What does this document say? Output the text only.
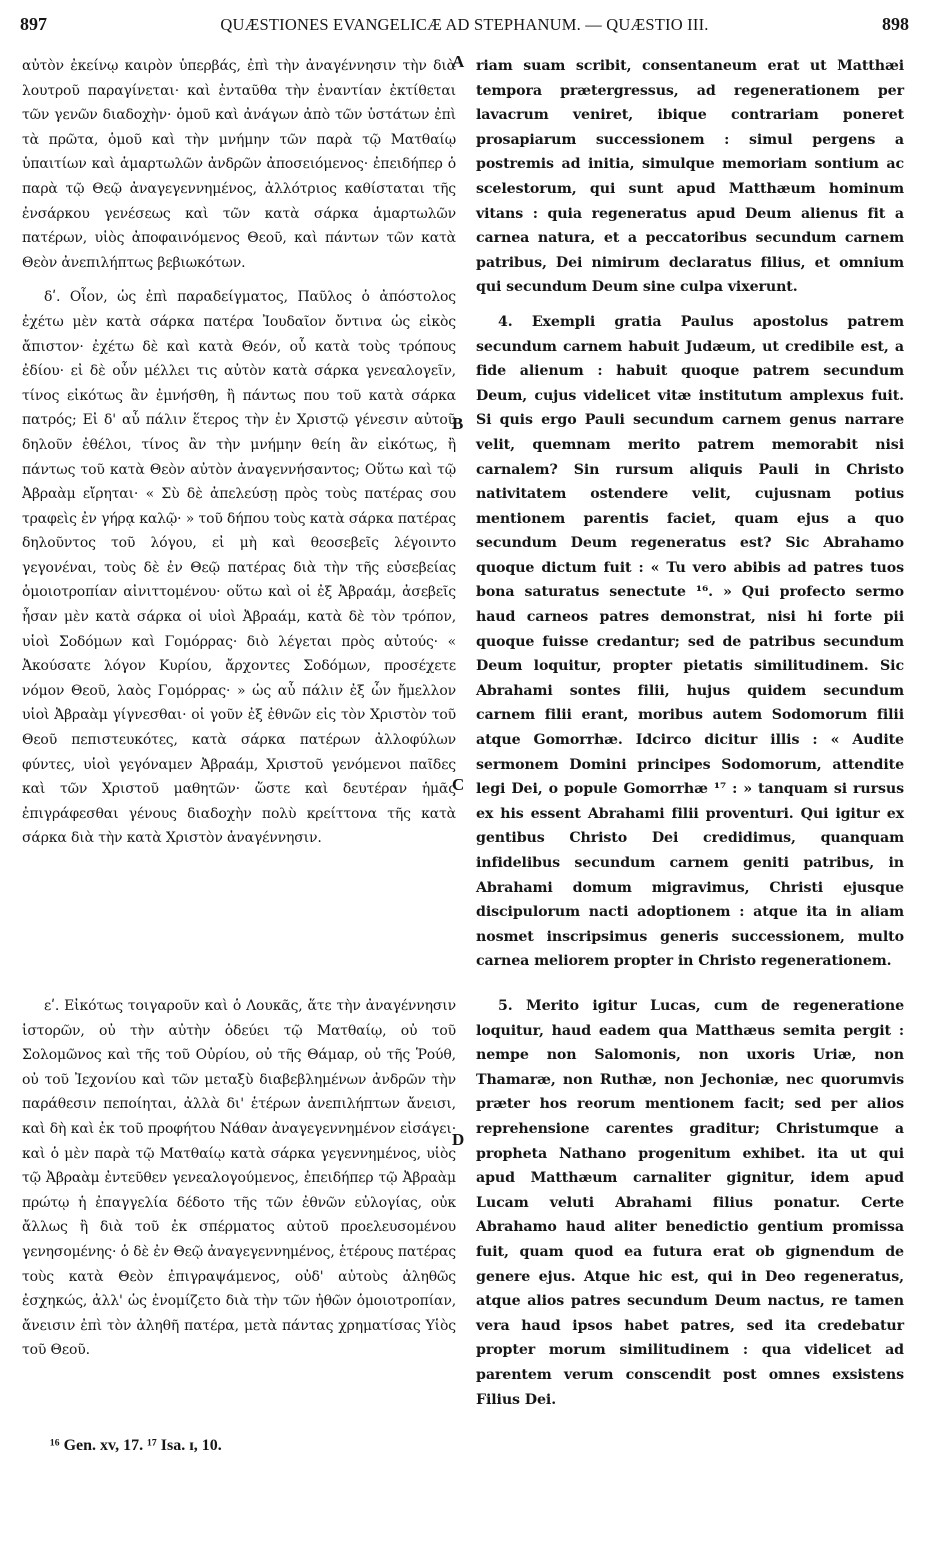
897	QUÆSTIONES EVANGELICÆ AD STEPHANUM. — QUÆSTIO III.	898

αὐτὸν ἐκείνῳ καιρὸν ὑπερβάς, ἐπὶ τὴν ἀναγέννησιν τὴν διὰ λουτροῦ παραγίνεται· καὶ ἐνταῦθα τὴν ἐναντίαν ἐκτίθεται τῶν γενῶν διαδοχὴν· ὁμοῦ καὶ ἀνάγων ἀπὸ τῶν ὑστάτων ἐπὶ τὰ πρῶτα, ὁμοῦ καὶ τὴν μνήμην τῶν παρὰ τῷ Ματθαίῳ ὑπαιτίων καὶ ἁμαρτωλῶν ἀνδρῶν ἀποσειόμενος· ἐπειδήπερ ὁ παρὰ τῷ Θεῷ ἀναγεγεννημένος, ἀλλότριος καθίσταται τῆς ἐνσάρκου γενέσεως καὶ τῶν κατὰ σάρκα ἁμαρτωλῶν πατέρων, υἱὸς ἀποφαινόμενος Θεοῦ, καὶ πάντων τῶν κατὰ Θεὸν ἀνεπιλήπτως βεβιωκότων.

δʹ. Οἷον, ὡς ἐπὶ παραδείγματος, Παῦλος ὁ ἀπόστολος ἐχέτω μὲν κατὰ σάρκα πατέρα Ἰουδαῖον ὄντινα ὡς εἰκὸς ἄπιστον· ἐχέτω δὲ καὶ κατὰ Θεόν, οὗ κατὰ τοὺς τρόπους ἐδίου· εἰ δὲ οὖν μέλλει τις αὐτὸν κατὰ σάρκα γενεαλογεῖν, τίνος εἰκότως ἂν ἐμνήσθη, ἢ πάντως που τοῦ κατὰ σάρκα πατρός; Εἰ δ' αὖ πάλιν ἕτερος τὴν ἐν Χριστῷ γένεσιν αὐτοῦ δηλοῦν ἐθέλοι, τίνος ἂν τὴν μνήμην θείη ἂν εἰκότως, ἢ πάντως τοῦ κατὰ Θεὸν αὐτὸν ἀναγεννήσαντος; Οὕτω καὶ τῷ Ἀβραὰμ εἴρηται· « Σὺ δὲ ἀπελεύσῃ πρὸς τοὺς πατέρας σου τραφεὶς ἐν γήρᾳ καλῷ· » τοῦ δήπου τοὺς κατὰ σάρκα πατέρας δηλοῦντος τοῦ λόγου, εἰ μὴ καὶ θεοσεβεῖς λέγοιντο γεγονέναι, τοὺς δὲ ἐν Θεῷ πατέρας διὰ τὴν τῆς εὐσεβείας ὁμοιοτροπίαν αἰνιττομένου· οὕτω καὶ οἱ ἐξ Ἀβραάμ, ἀσεβεῖς ἦσαν μὲν κατὰ σάρκα οἱ υἱοὶ Ἀβραάμ, κατὰ δὲ τὸν τρόπον, υἱοὶ Σοδόμων καὶ Γομόρρας· διὸ λέγεται πρὸς αὐτούς· « Ἀκούσατε λόγον Κυρίου, ἄρχοντες Σοδόμων, προσέχετε νόμον Θεοῦ, λαὸς Γομόρρας· » ὡς αὖ πάλιν ἐξ ὧν ἤμελλον υἱοὶ Ἀβραὰμ γίγνεσθαι· οἱ γοῦν ἐξ ἐθνῶν εἰς τὸν Χριστὸν τοῦ Θεοῦ πεπιστευκότες, κατὰ σάρκα πατέρων ἀλλοφύλων φύντες, υἱοὶ γεγόναμεν Ἀβραάμ, Χριστοῦ γενόμενοι παῖδες καὶ τῶν Χριστοῦ μαθητῶν· ὥστε καὶ δευτέραν ἡμᾶς ἐπιγράφεσθαι γένους διαδοχὴν πολὺ κρείττονα τῆς κατὰ σάρκα διὰ τὴν κατὰ Χριστὸν ἀναγέννησιν.

εʹ. Εἰκότως τοιγαροῦν καὶ ὁ Λουκᾶς, ἅτε τὴν ἀναγέννησιν ἱστορῶν, οὐ τὴν αὐτὴν ὁδεύει τῷ Ματθαίῳ, οὐ τοῦ Σολομῶνος καὶ τῆς τοῦ Οὐρίου, οὐ τῆς Θάμαρ, οὐ τῆς Ῥούθ, οὐ τοῦ Ἰεχονίου καὶ τῶν μεταξὺ διαβεβλημένων ἀνδρῶν τὴν παράθεσιν πεποίηται, ἀλλὰ δι' ἑτέρων ἀνεπιλήπτων ἄνεισι, καὶ δὴ καὶ ἐκ τοῦ προφήτου Νάθαν ἀναγεγεννημένον εἰσάγει· καὶ ὁ μὲν παρὰ τῷ Ματθαίῳ κατὰ σάρκα γεγεννημένος, υἱὸς τῷ Ἀβραὰμ ἐντεῦθεν γενεαλογούμενος, ἐπειδήπερ τῷ Ἀβραὰμ πρώτῳ ἡ ἐπαγγελία δέδοτο τῆς τῶν ἐθνῶν εὐλογίας, οὐκ ἄλλως ἢ διὰ τοῦ ἐκ σπέρματος αὐτοῦ προελευσομένου γενησομένης· ὁ δὲ ἐν Θεῷ ἀναγεγεννημένος, ἑτέρους πατέρας τοὺς κατὰ Θεὸν ἐπιγραψάμενος, οὐδ' αὐτοὺς ἀληθῶς ἐσχηκώς, ἀλλ' ὡς ἐνομίζετο διὰ τὴν τῶν ἠθῶν ὁμοιοτροπίαν, ἄνεισιν ἐπὶ τὸν ἀληθῆ πατέρα, μετὰ πάντας χρηματίσας Υἱὸς τοῦ Θεοῦ.

riam suam scribit, consentaneum erat ut Matthæi tempora prætergressus, ad regenerationem per lavacrum veniret, ibique contrariam poneret prosapiarum successionem : simul pergens a postremis ad initia, simulque memoriam sontium ac scelestorum, qui sunt apud Matthæum hominum vitans : quia regeneratus apud Deum alienus fit a carnea natura, et a peccatoribus secundum carnem patribus, Dei nimirum declaratus filius, et omnium qui secundum Deum sine culpa vixerunt.

4. Exempli gratia Paulus apostolus patrem secundum carnem habuit Judæum, ut credibile est, a fide alienum : habuit quoque patrem secundum Deum, cujus videlicet vitæ institutum amplexus fuit. Si quis ergo Pauli secundum carnem genus narrare velit, quemnam merito patrem memorabit nisi carnalem? Sin rursum aliquis Pauli in Christo nativitatem ostendere velit, cujusnam potius mentionem parentis faciet, quam ejus a quo secundum Deum regeneratus est? Sic Abrahamo quoque dictum fuit : « Tu vero abibis ad patres tuos bona saturatus senectute ¹⁶. » Qui profecto sermo haud carneos patres demonstrat, nisi hi forte pii quoque fuisse credantur; sed de patribus secundum Deum loquitur, propter pietatis similitudinem. Sic Abrahami sontes filii, hujus quidem secundum carnem filii erant, moribus autem Sodomorum filii atque Gomorrhæ. Idcirco dicitur illis : « Audite sermonem Domini principes Sodomorum, attendite legi Dei, o popule Gomorrhæ ¹⁷ : » tanquam si rursus ex his essent Abrahami filii proventuri. Qui igitur ex gentibus Christo Dei credidimus, quanquam infidelibus secundum carnem geniti patribus, in Abrahami domum migravimus, Christi ejusque discipulorum nacti adoptionem : atque ita in aliam nosmet inscripsimus generis successionem, multo carnea meliorem propter in Christo regenerationem.

5. Merito igitur Lucas, cum de regeneratione loquitur, haud eadem qua Matthæus semita pergit : nempe non Salomonis, non uxoris Uriæ, non Thamaræ, non Ruthæ, non Jechoniæ, nec quorumvis præter hos reorum mentionem facit; sed per alios reprehensione carentes graditur; Christumque a propheta Nathano progenitum exhibet. ita ut qui apud Matthæum carnaliter gignitur, idem apud Lucam veluti Abrahami filius ponatur. Certe Abrahamo haud aliter benedictio gentium promissa fuit, quam quod ea futura erat ob gignendum de genere ejus. Atque hic est, qui in Deo regeneratus, atque alios patres secundum Deum nactus, re tamen vera haud ipsos habet patres, sed ita credebatur propter morum similitudinem : qua videlicet ad parentem verum conscendit post omnes exsistens Filius Dei.

A
B
C
D
¹⁶ Gen. xv, 17. ¹⁷ Isa. ɪ, 10.
